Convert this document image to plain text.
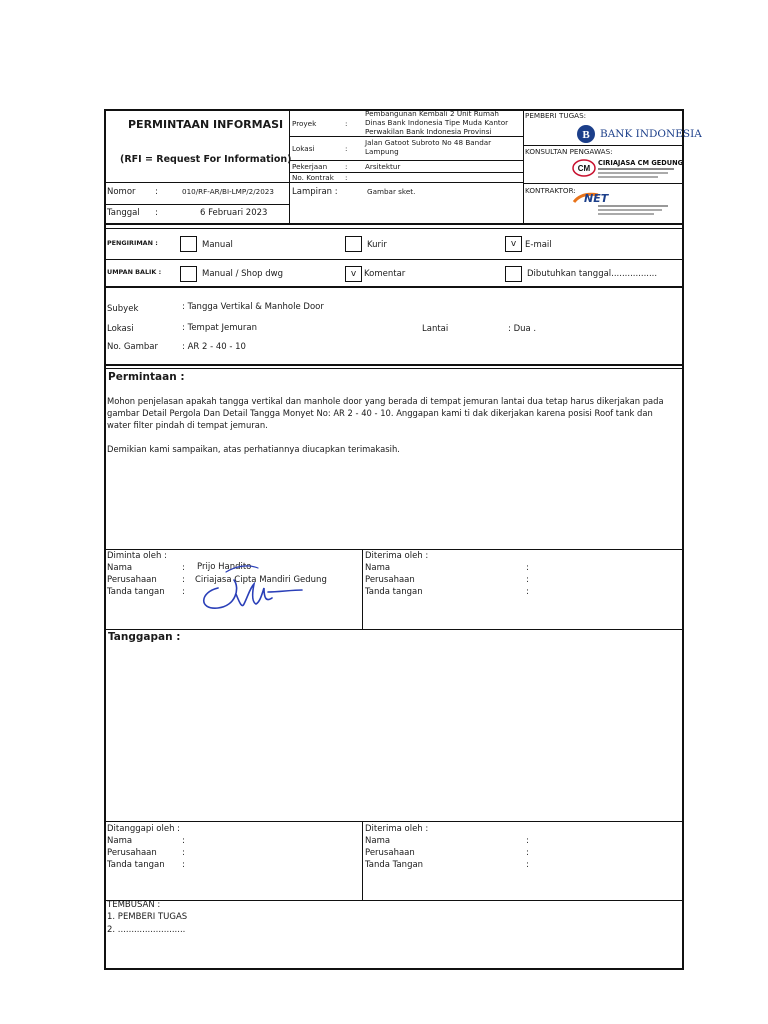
PERMINTAAN INFORMASI
(RFI = Request For Information)
Proyek	:
Pembangunan Kembali 2 Unit Rumah
Dinas Bank Indonesia Tipe Muda Kantor
Perwakilan Bank Indonesia Provinsi
Lokasi	:
Jalan Gatoot Subroto No 48 Bandar
Lampung
Pekerjaan : Arsitektur
No. Kontrak :
Nomor :	010/RF-AR/BI-LMP/2/2023
Tanggal :	6 Februari 2023
Lampiran :	Gambar sket.
PEMBERI TUGAS:
B BANK INDONESIA
KONSULTAN PENGAWAS:
CM
CIRIAJASA CM GEDUNG
KONTRAKTOR:
NET
PENGIRIMAN :	Manual	Kurir	v	E-mail
UMPAN BALIK :	Manual / Shop dwg	v Komentar	Dibutuhkan tanggal.................
Subyek	: Tangga Vertikal & Manhole Door
Lokasi	: Tempat Jemuran	Lantai	: Dua .
No. Gambar	: AR 2 - 40 - 10
Permintaan :
Mohon penjelasan apakah tangga vertikal dan manhole door yang berada di tempat jemuran lantai dua tetap harus dikerjakan pada gambar Detail Pergola Dan Detail Tangga Monyet No: AR 2 - 40 - 10. Anggapan kami ti dak dikerjakan karena posisi Roof tank dan water filter pindah di tempat jemuran.
Demikian kami sampaikan, atas perhatiannya diucapkan terimakasih.
Diminta oleh :
Nama	: Prijo Handito
Perusahaan	: Ciriajasa Cipta Mandiri Gedung
Tanda tangan :
Diterima oleh :
Nama	:
Perusahaan	:
Tanda tangan	:
Tanggapan :
Ditanggapi oleh :
Nama	:
Perusahaan	:
Tanda tangan :
Diterima oleh :
Nama	:
Perusahaan	:
Tanda Tangan	:
TEMBUSAN :
1. PEMBERI TUGAS
2. .........................
